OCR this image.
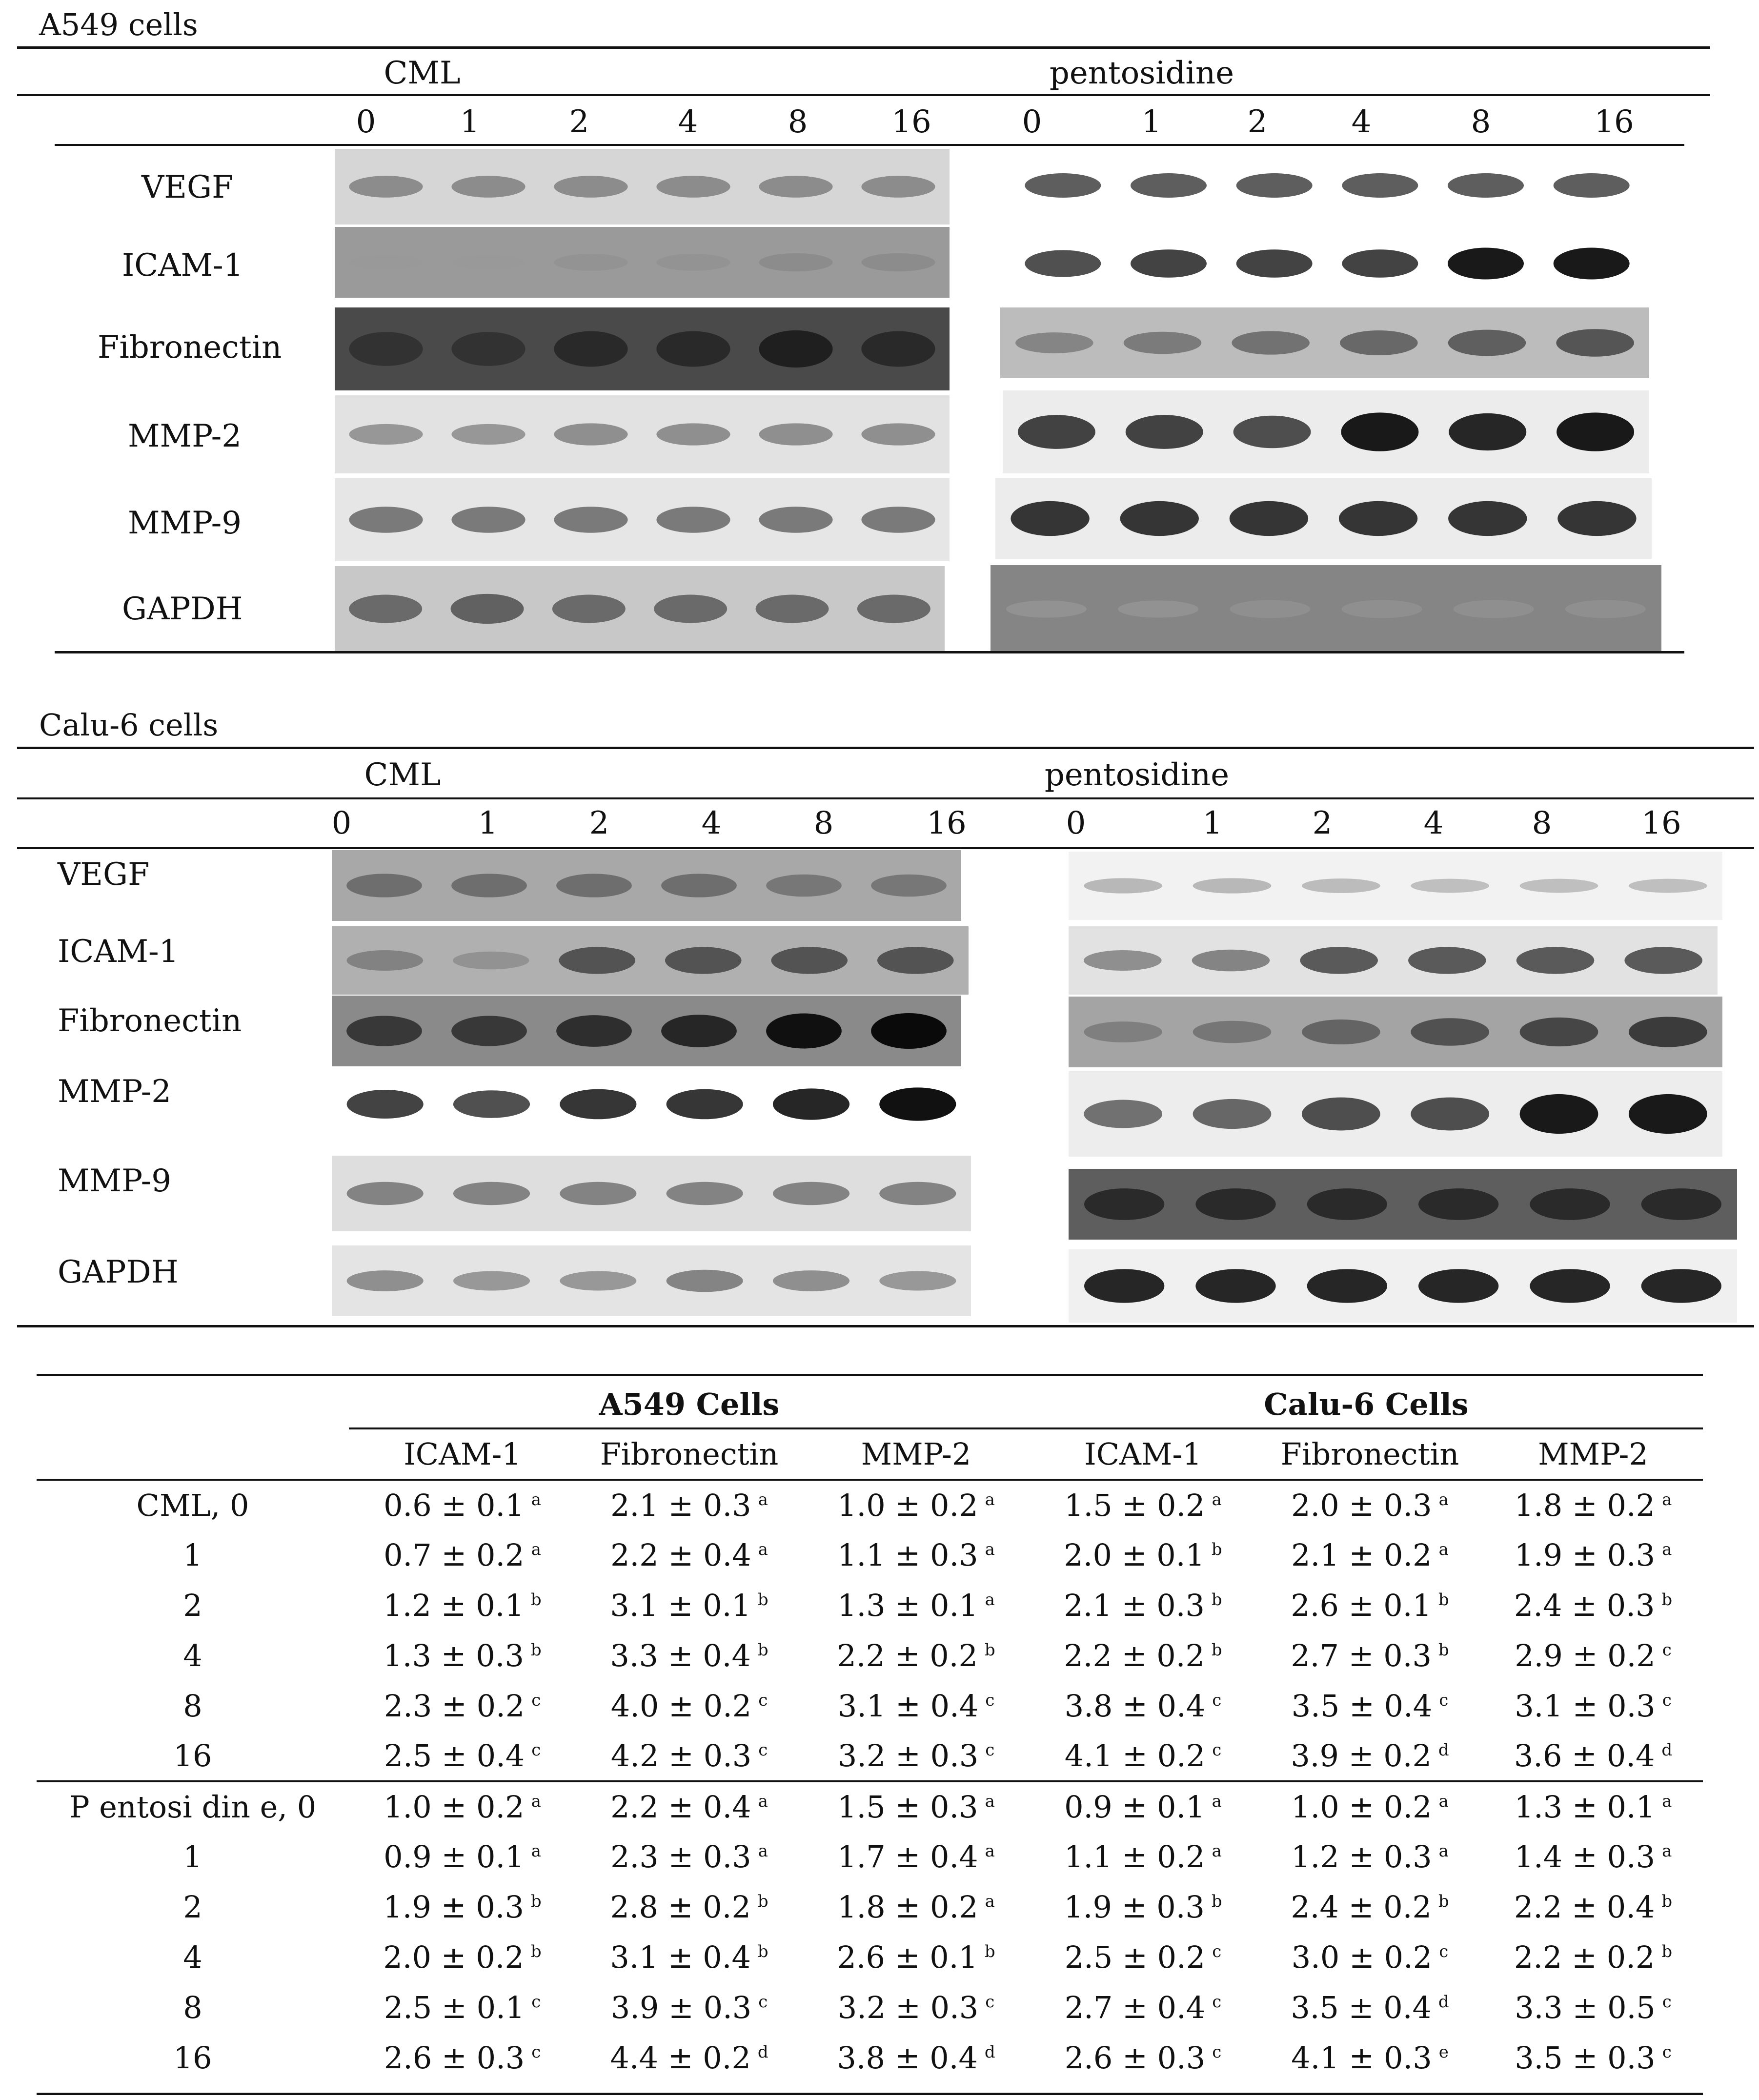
A549 cells
CML	pentosidine
0	1	2	4	8	16	0	1	2	4	8	16
VEGF
ICAM-1
Fibronectin
MMP-2
MMP-9
GAPDH
Calu-6 cells
CML	pentosidine
0	1	2	4	8	16	0	1	2	4	8	16
VEGF
ICAM-1
Fibronectin
MMP-2
MMP-9
GAPDH
	A549 Cells			Calu-6 Cells		
	ICAM-1	Fibronectin	MMP-2	ICAM-1	Fibronectin	MMP-2
CML, 0	0.6 ± 0.1 $^a$	2.1 ± 0.3 $^a$	1.0 ± 0.2 $^a$	1.5 ± 0.2 $^a$	2.0 ± 0.3 $^a$	1.8 ± 0.2 $^a$
1	0.7 ± 0.2 $^a$	2.2 ± 0.4 $^a$	1.1 ± 0.3 $^a$	2.0 ± 0.1 $^b$	2.1 ± 0.2 $^a$	1.9 ± 0.3 $^a$
2	1.2 ± 0.1 $^b$	3.1 ± 0.1 $^b$	1.3 ± 0.1 $^a$	2.1 ± 0.3 $^b$	2.6 ± 0.1 $^b$	2.4 ± 0.3 $^b$
4	1.3 ± 0.3 $^b$	3.3 ± 0.4 $^b$	2.2 ± 0.2 $^b$	2.2 ± 0.2 $^b$	2.7 ± 0.3 $^b$	2.9 ± 0.2 $^c$
8	2.3 ± 0.2 $^c$	4.0 ± 0.2 $^c$	3.1 ± 0.4 $^c$	3.8 ± 0.4 $^c$	3.5 ± 0.4 $^c$	3.1 ± 0.3 $^c$
16	2.5 ± 0.4 $^c$	4.2 ± 0.3 $^c$	3.2 ± 0.3 $^c$	4.1 ± 0.2 $^c$	3.9 ± 0.2 $^d$	3.6 ± 0.4 $^d$
P entosi din e, 0	1.0 ± 0.2 $^a$	2.2 ± 0.4 $^a$	1.5 ± 0.3 $^a$	0.9 ± 0.1 $^a$	1.0 ± 0.2 $^a$	1.3 ± 0.1 $^a$
1	0.9 ± 0.1 $^a$	2.3 ± 0.3 $^a$	1.7 ± 0.4 $^a$	1.1 ± 0.2 $^a$	1.2 ± 0.3 $^a$	1.4 ± 0.3 $^a$
2	1.9 ± 0.3 $^b$	2.8 ± 0.2 $^b$	1.8 ± 0.2 $^a$	1.9 ± 0.3 $^b$	2.4 ± 0.2 $^b$	2.2 ± 0.4 $^b$
4	2.0 ± 0.2 $^b$	3.1 ± 0.4 $^b$	2.6 ± 0.1 $^b$	2.5 ± 0.2 $^c$	3.0 ± 0.2 $^c$	2.2 ± 0.2 $^b$
8	2.5 ± 0.1 $^c$	3.9 ± 0.3 $^c$	3.2 ± 0.3 $^c$	2.7 ± 0.4 $^c$	3.5 ± 0.4 $^d$	3.3 ± 0.5 $^c$
16	2.6 ± 0.3 $^c$	4.4 ± 0.2 $^d$	3.8 ± 0.4 $^d$	2.6 ± 0.3 $^c$	4.1 ± 0.3 $^e$	3.5 ± 0.3 $^c$
